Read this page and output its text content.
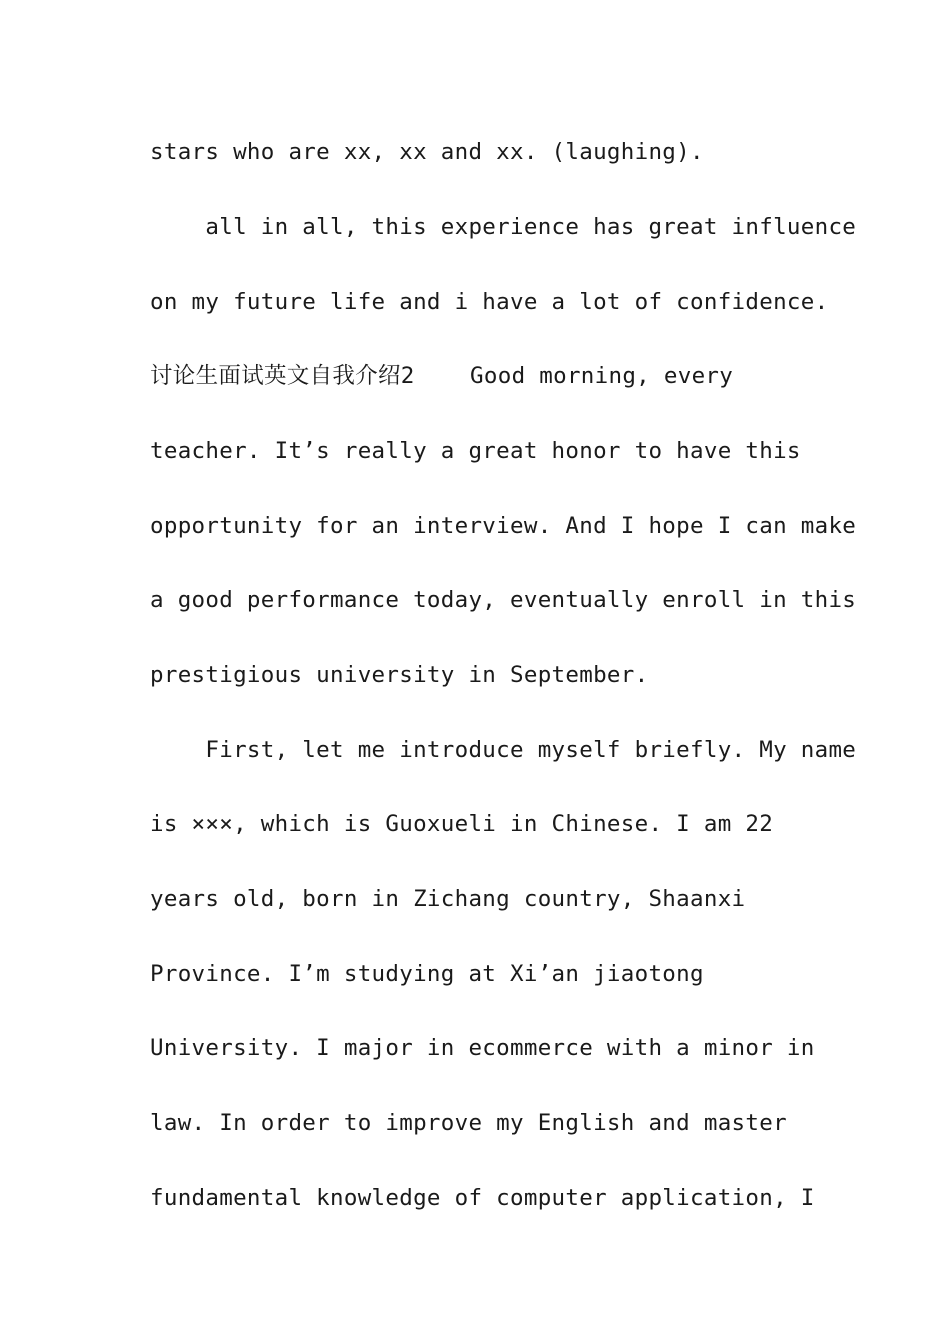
stars who are xx, xx and xx. (laughing).

all in all, this experience has great influence

on my future life and i have a lot of confidence.

讨论生面试英文自我介绍2    Good morning, every

teacher. It’s really a great honor to have this

opportunity for an interview. And I hope I can make

a good performance today, eventually enroll in this

prestigious university in September.

First, let me introduce myself briefly. My name

is ×××, which is Guoxueli in Chinese. I am 22

years old, born in Zichang country, Shaanxi

Province. I’m studying at Xi’an jiaotong

University. I major in ecommerce with a minor in

law. In order to improve my English and master

fundamental knowledge of computer application, I
